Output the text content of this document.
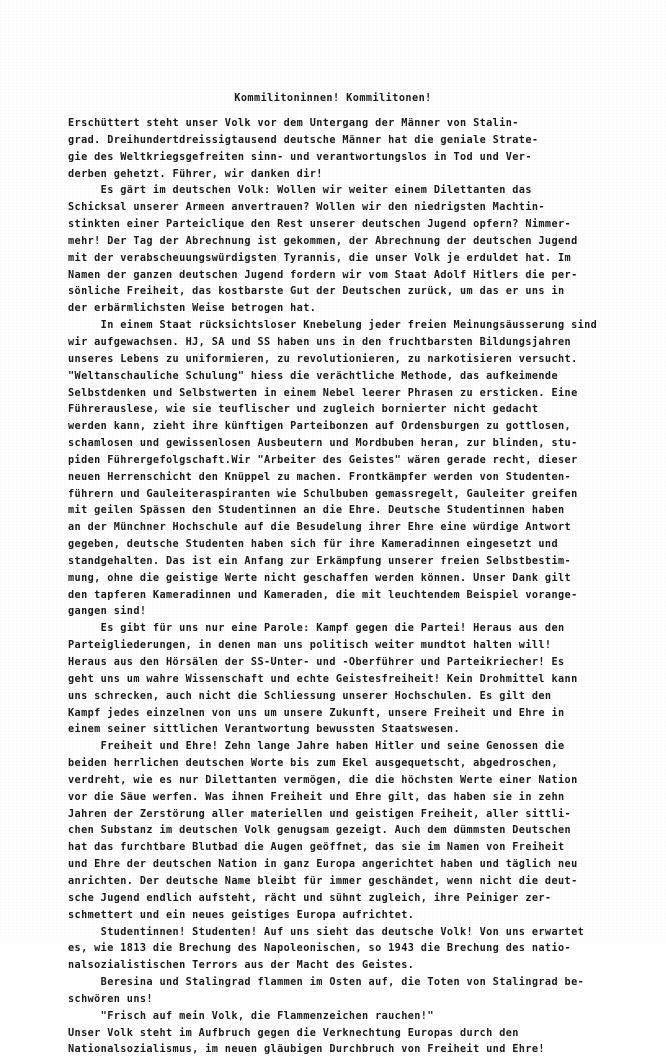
Kommilitoninnen! Kommilitonen!
Erschüttert steht unser Volk vor dem Untergang der Männer von Stalin-
grad. Dreihundertdreissigtausend deutsche Männer hat die geniale Strate-
gie des Weltkriegsgefreiten sinn- und verantwortungslos in Tod und Ver-
derben gehetzt. Führer, wir danken dir!
Es gärt im deutschen Volk: Wollen wir weiter einem Dilettanten das
Schicksal unserer Armeen anvertrauen? Wollen wir den niedrigsten Machtin-
stinkten einer Parteiclique den Rest unserer deutschen Jugend opfern? Nimmer-
mehr! Der Tag der Abrechnung ist gekommen, der Abrechnung der deutschen Jugend
mit der verabscheuungswürdigsten Tyrannis, die unser Volk je erduldet hat. Im
Namen der ganzen deutschen Jugend fordern wir vom Staat Adolf Hitlers die per-
sönliche Freiheit, das kostbarste Gut der Deutschen zurück, um das er uns in
der erbärmlichsten Weise betrogen hat.
In einem Staat rücksichtsloser Knebelung jeder freien Meinungsäusserung sind
wir aufgewachsen. HJ, SA und SS haben uns in den fruchtbarsten Bildungsjahren
unseres Lebens zu uniformieren, zu revolutionieren, zu narkotisieren versucht.
"Weltanschauliche Schulung" hiess die verächtliche Methode, das aufkeimende
Selbstdenken und Selbstwerten in einem Nebel leerer Phrasen zu ersticken. Eine
Führerauslese, wie sie teuflischer und zugleich bornierter nicht gedacht
werden kann, zieht ihre künftigen Parteibonzen auf Ordensburgen zu gottlosen,
schamlosen und gewissenlosen Ausbeutern und Mordbuben heran, zur blinden, stu-
piden Führergefolgschaft.Wir "Arbeiter des Geistes" wären gerade recht, dieser
neuen Herrenschicht den Knüppel zu machen. Frontkämpfer werden von Studenten-
führern und Gauleiteraspiranten wie Schulbuben gemassregelt, Gauleiter greifen
mit geilen Spässen den Studentinnen an die Ehre. Deutsche Studentinnen haben
an der Münchner Hochschule auf die Besudelung ihrer Ehre eine würdige Antwort
gegeben, deutsche Studenten haben sich für ihre Kameradinnen eingesetzt und
standgehalten. Das ist ein Anfang zur Erkämpfung unserer freien Selbstbestim-
mung, ohne die geistige Werte nicht geschaffen werden können. Unser Dank gilt
den tapferen Kameradinnen und Kameraden, die mit leuchtendem Beispiel vorange-
gangen sind!
Es gibt für uns nur eine Parole: Kampf gegen die Partei! Heraus aus den
Parteigliederungen, in denen man uns politisch weiter mundtot halten will!
Heraus aus den Hörsälen der SS-Unter- und -Oberführer und Parteikriecher! Es
geht uns um wahre Wissenschaft und echte Geistesfreiheit! Kein Drohmittel kann
uns schrecken, auch nicht die Schliessung unserer Hochschulen. Es gilt den
Kampf jedes einzelnen von uns um unsere Zukunft, unsere Freiheit und Ehre in
einem seiner sittlichen Verantwortung bewussten Staatswesen.
Freiheit und Ehre! Zehn lange Jahre haben Hitler und seine Genossen die
beiden herrlichen deutschen Worte bis zum Ekel ausgequetscht, abgedroschen,
verdreht, wie es nur Dilettanten vermögen, die die höchsten Werte einer Nation
vor die Säue werfen. Was ihnen Freiheit und Ehre gilt, das haben sie in zehn
Jahren der Zerstörung aller materiellen und geistigen Freiheit, aller sittli-
chen Substanz im deutschen Volk genugsam gezeigt. Auch dem dümmsten Deutschen
hat das furchtbare Blutbad die Augen geöffnet, das sie im Namen von Freiheit
und Ehre der deutschen Nation in ganz Europa angerichtet haben und täglich neu
anrichten. Der deutsche Name bleibt für immer geschändet, wenn nicht die deut-
sche Jugend endlich aufsteht, rächt und sühnt zugleich, ihre Peiniger zer-
schmettert und ein neues geistiges Europa aufrichtet.
Studentinnen! Studenten! Auf uns sieht das deutsche Volk! Von uns erwartet
es, wie 1813 die Brechung des Napoleonischen, so 1943 die Brechung des natio-
nalsozialistischen Terrors aus der Macht des Geistes.
Beresina und Stalingrad flammen im Osten auf, die Toten von Stalingrad be-
schwören uns!
"Frisch auf mein Volk, die Flammenzeichen rauchen!"
Unser Volk steht im Aufbruch gegen die Verknechtung Europas durch den
Nationalsozialismus, im neuen gläubigen Durchbruch von Freiheit und Ehre!
